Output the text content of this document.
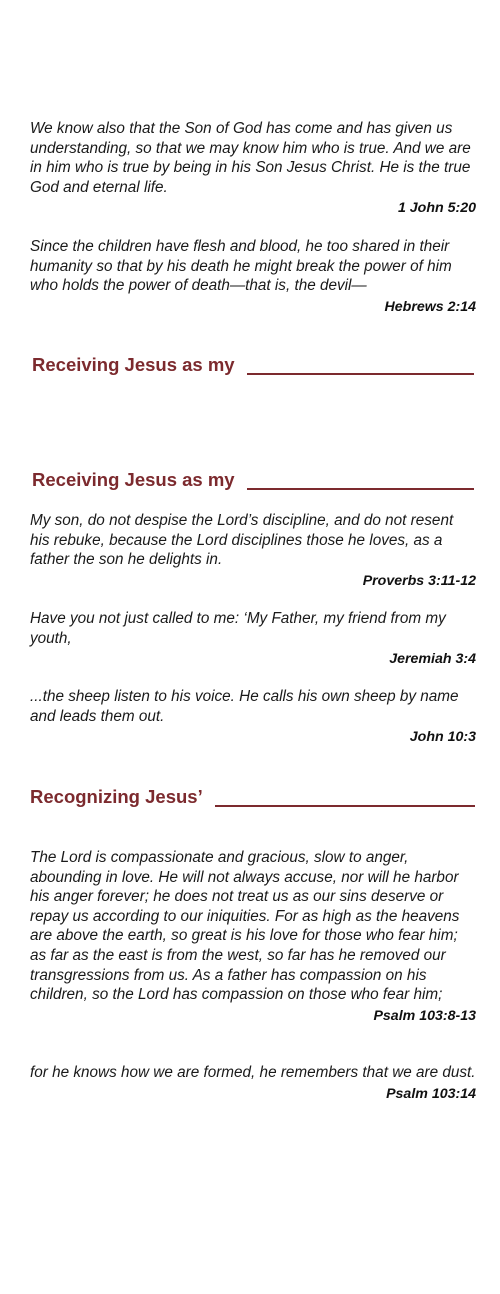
We know also that the Son of God has come and has given us understanding, so that we may know him who is true. And we are in him who is true by being in his Son Jesus Christ. He is the true God and eternal life.

1 John 5:20

Since the children have flesh and blood, he too shared in their humanity so that by his death he might break the power of him who holds the power of death—that is, the devil—

Hebrews 2:14

Receiving Jesus as my
Receiving Jesus as my

My son, do not despise the Lord’s discipline, and do not resent his rebuke, because the Lord disciplines those he loves, as a father the son he delights in.

Proverbs 3:11-12

Have you not just called to me: ‘My Father, my friend from my youth,

Jeremiah 3:4

...the sheep listen to his voice. He calls his own sheep by name and leads them out.

John 10:3

Recognizing Jesus’

The Lord is compassionate and gracious, slow to anger, abounding in love. He will not always accuse, nor will he harbor his anger forever; he does not treat us as our sins deserve or repay us according to our iniquities. For as high as the heavens are above the earth, so great is his love for those who fear him; as far as the east is from the west, so far has he removed our transgressions from us. As a father has compassion on his children, so the Lord has compassion on those who fear him;

Psalm 103:8-13

for he knows how we are formed, he remembers that we are dust.

Psalm 103:14
